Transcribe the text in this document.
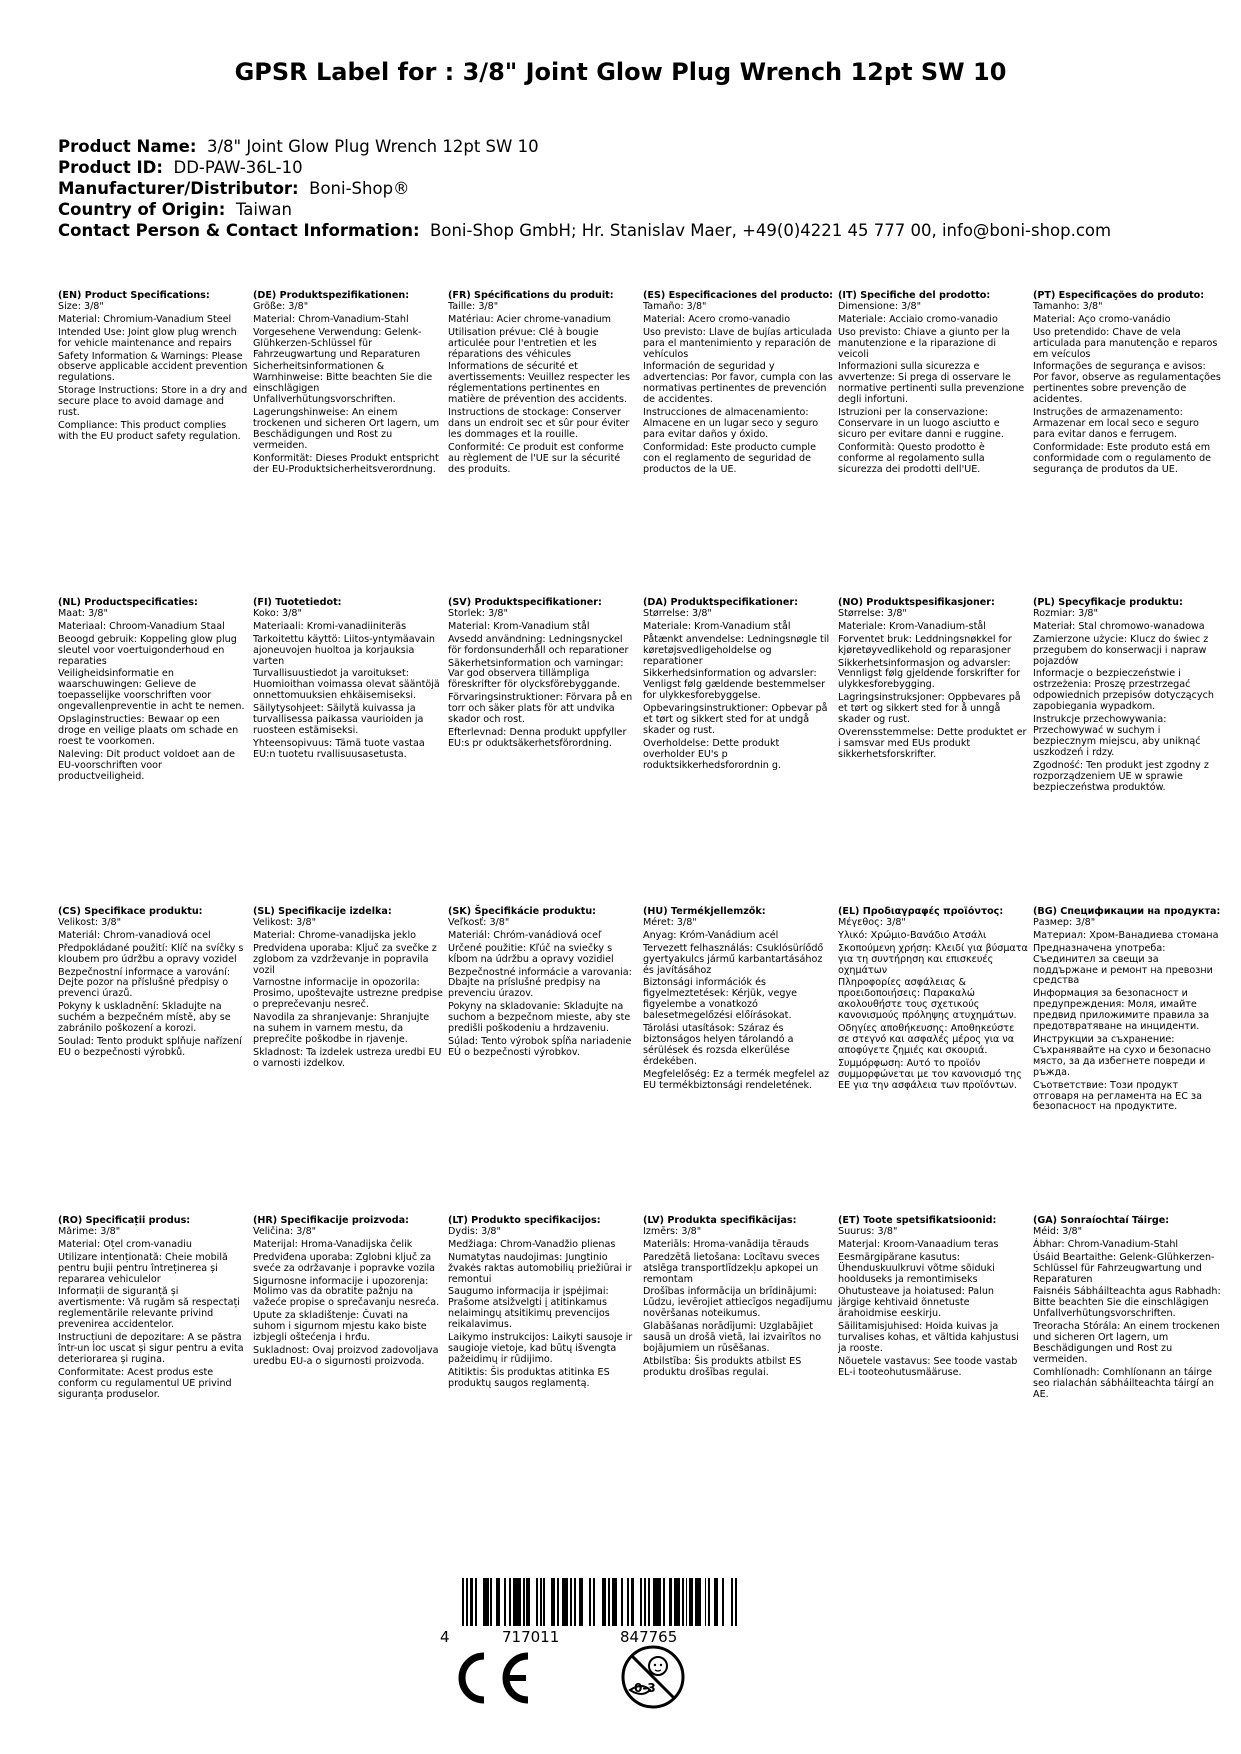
GPSR Label for : 3/8" Joint Glow Plug Wrench 12pt SW 10
Product Name: 3/8" Joint Glow Plug Wrench 12pt SW 10
Product ID: DD-PAW-36L-10
Manufacturer/Distributor: Boni-Shop®
Country of Origin: Taiwan
Contact Person & Contact Information: Boni-Shop GmbH; Hr. Stanislav Maer, +49(0)4221 45 777 00, info@boni-shop.com
(EN) Product Specifications:
Size: 3/8"
Material: Chromium-Vanadium Steel
Intended Use: Joint glow plug wrench for vehicle maintenance and repairs
Safety Information & Warnings: Please observe applicable accident prevention regulations.
Storage Instructions: Store in a dry and secure place to avoid damage and rust.
Compliance: This product complies with the EU product safety regulation.
(DE) Produktspezifikationen:
Größe: 3/8"
Material: Chrom-Vanadium-Stahl
Vorgesehene Verwendung: Gelenk-Glühkerzen-Schlüssel für Fahrzeugwartung und Reparaturen
Sicherheitsinformationen & Warnhinweise: Bitte beachten Sie die einschlägigen Unfallverhütungsvorschriften.
Lagerungshinweise: An einem trockenen und sicheren Ort lagern, um Beschädigungen und Rost zu vermeiden.
Konformität: Dieses Produkt entspricht der EU-Produktsicherheitsverordnung.
(FR) Spécifications du produit:
Taille: 3/8"
Matériau: Acier chrome-vanadium
Utilisation prévue: Clé à bougie articulée pour l'entretien et les réparations des véhicules
Informations de sécurité et avertissements: Veuillez respecter les réglementations pertinentes en matière de prévention des accidents.
Instructions de stockage: Conserver dans un endroit sec et sûr pour éviter les dommages et la rouille.
Conformité: Ce produit est conforme au règlement de l'UE sur la sécurité des produits.
(ES) Especificaciones del producto:
Tamaño: 3/8"
Material: Acero cromo-vanadio
Uso previsto: Llave de bujías articulada para el mantenimiento y reparación de vehículos
Información de seguridad y advertencias: Por favor, cumpla con las normativas pertinentes de prevención de accidentes.
Instrucciones de almacenamiento: Almacene en un lugar seco y seguro para evitar daños y óxido.
Conformidad: Este producto cumple con el reglamento de seguridad de productos de la UE.
(IT) Specifiche del prodotto:
Dimensione: 3/8"
Materiale: Acciaio cromo-vanadio
Uso previsto: Chiave a giunto per la manutenzione e la riparazione di veicoli
Informazioni sulla sicurezza e avvertenze: Si prega di osservare le normative pertinenti sulla prevenzione degli infortuni.
Istruzioni per la conservazione: Conservare in un luogo asciutto e sicuro per evitare danni e ruggine.
Conformità: Questo prodotto è conforme al regolamento sulla sicurezza dei prodotti dell'UE.
(PT) Especificações do produto:
Tamanho: 3/8"
Material: Aço cromo-vanádio
Uso pretendido: Chave de vela articulada para manutenção e reparos em veículos
Informações de segurança e avisos: Por favor, observe as regulamentações pertinentes sobre prevenção de acidentes.
Instruções de armazenamento: Armazenar em local seco e seguro para evitar danos e ferrugem.
Conformidade: Este produto está em conformidade com o regulamento de segurança de produtos da UE.
(NL) Productspecificaties:
Maat: 3/8"
Materiaal: Chroom-Vanadium Staal
Beoogd gebruik: Koppeling glow plug sleutel voor voertuigonderhoud en reparaties
Veiligheidsinformatie en waarschuwingen: Gelieve de toepasselijke voorschriften voor ongevallenpreventie in acht te nemen.
Opslaginstructies: Bewaar op een droge en veilige plaats om schade en roest te voorkomen.
Naleving: Dit product voldoet aan de EU-voorschriften voor productveiligheid.
(FI) Tuotetiedot:
Koko: 3/8"
Materiaali: Kromi-vanadiiniteräs
Tarkoitettu käyttö: Liitos-yntymäavain ajoneuvojen huoltoa ja korjauksia varten
Turvallisuustiedot ja varoitukset: Huomioithan voimassa olevat sääntöjä onnettomuuksien ehkäisemiseksi.
Säilytysohjeet: Säilytä kuivassa ja turvallisessa paikassa vaurioiden ja ruosteen estämiseksi.
Yhteensopivuus: Tämä tuote vastaa EU:n tuotetu rvallisuusasetusta.
(SV) Produktspecifikationer:
Storlek: 3/8"
Material: Krom-Vanadium stål
Avsedd användning: Ledningsnyckel för fordonsunderhåll och reparationer
Säkerhetsinformation och varningar: Var god observera tillämpliga föreskrifter för olycksförebyggande.
Förvaringsinstruktioner: Förvara på en torr och säker plats för att undvika skador och rost.
Efterlevnad: Denna produkt uppfyller EU:s pr oduktsäkerhetsförordning.
(DA) Produktspecifikationer:
Størrelse: 3/8"
Materiale: Krom-Vanadium stål
Påtænkt anvendelse: Ledningsnøgle til køretøjsvedligeholdelse og reparationer
Sikkerhedsinformation og advarsler: Venligst følg gældende bestemmelser for ulykkesforebyggelse.
Opbevaringsinstruktioner: Opbevar på et tørt og sikkert sted for at undgå skader og rust.
Overholdelse: Dette produkt overholder EU's p roduktsikkerhedsforordnin g.
(NO) Produktspesifikasjoner:
Størrelse: 3/8"
Materiale: Krom-Vanadium-stål
Forventet bruk: Leddningsnøkkel for kjøretøyvedlikehold og reparasjoner
Sikkerhetsinformasjon og advarsler: Vennligst følg gjeldende forskrifter for ulykkesforebygging.
Lagringsinstruksjoner: Oppbevares på et tørt og sikkert sted for å unngå skader og rust.
Overensstemmelse: Dette produktet er i samsvar med EUs produkt sikkerhetsforskrifter.
(PL) Specyfikacje produktu:
Rozmiar: 3/8"
Materiał: Stal chromowo-wanadowa
Zamierzone użycie: Klucz do świec z przegubem do konserwacji i napraw pojazdów
Informacje o bezpieczeństwie i ostrzeżenia: Proszę przestrzegać odpowiednich przepisów dotyczących zapobiegania wypadkom.
Instrukcje przechowywania: Przechowywać w suchym i bezpiecznym miejscu, aby uniknąć uszkodzeń i rdzy.
Zgodność: Ten produkt jest zgodny z rozporządzeniem UE w sprawie bezpieczeństwa produktów.
(CS) Specifikace produktu:
Velikost: 3/8"
Materiál: Chrom-vanadiová ocel
Předpokládané použití: Klíč na svíčky s kloubem pro údržbu a opravy vozidel
Bezpečnostní informace a varování: Dejte pozor na příslušné předpisy o prevenci úrazů.
Pokyny k uskladnění: Skladujte na suchém a bezpečném místě, aby se zabránilo poškození a korozi.
Soulad: Tento produkt splňuje nařízení EU o bezpečnosti výrobků.
(SL) Specifikacije izdelka:
Velikost: 3/8"
Material: Chrome-vanadijska jeklo
Predvidena uporaba: Ključ za svečke z zglobom za vzdrževanje in popravila vozil
Varnostne informacije in opozorila: Prosimo, upoštevajte ustrezne predpise o preprečevanju nesreč.
Navodila za shranjevanje: Shranjujte na suhem in varnem mestu, da preprečite poškodbe in rjavenje.
Skladnost: Ta izdelek ustreza uredbi EU o varnosti izdelkov.
(SK) Špecifikácie produktu:
Veľkosť: 3/8"
Materiál: Chróm-vanádiová oceľ
Určené použitie: Kľúč na sviečky s kĺbom na údržbu a opravy vozidiel
Bezpečnostné informácie a varovania: Dbajte na príslušné predpisy na prevenciu úrazov.
Pokyny na skladovanie: Skladujte na suchom a bezpečnom mieste, aby ste predišli poškodeniu a hrdzaveniu.
Súlad: Tento výrobok spĺňa nariadenie EÚ o bezpečnosti výrobkov.
(HU) Termékjellemzők:
Méret: 3/8"
Anyag: Króm-Vanádium acél
Tervezett felhasználás: Csuklósüríődő gyertyakulcs jármű karbantartásához és javításához
Biztonsági információk és figyelmeztetések: Kérjük, vegye figyelembe a vonatkozó balesetmegelőzési előírásokat.
Tárolási utasítások: Száraz és biztonságos helyen tárolandó a sérülések és rozsda elkerülése érdekében.
Megfelelőség: Ez a termék megfelel az EU termékbiztonsági rendeletének.
(EL) Προδιαγραφές προϊόντος:
Μέγεθος: 3/8"
Υλικό: Χρώμιο-Βανάδιο Ατσάλι
Σκοπούμενη χρήση: Κλειδί για βύσματα για τη συντήρηση και επισκευές οχημάτων
Πληροφορίες ασφάλειας & προειδοποιήσεις: Παρακαλώ ακολουθήστε τους σχετικούς κανονισμούς πρόληψης ατυχημάτων.
Οδηγίες αποθήκευσης: Αποθηκεύστε σε στεγνό και ασφαλές μέρος για να αποφύγετε ζημιές και σκουριά.
Συμμόρφωση: Αυτό το προϊόν συμμορφώνεται με τον κανονισμό της ΕΕ για την ασφάλεια των προϊόντων.
(BG) Спецификации на продукта:
Размер: 3/8"
Материал: Хром-Ванадиева стомана
Предназначена употреба: Съединител за свещи за поддържане и ремонт на превозни средства
Информация за безопасност и предупреждения: Моля, имайте предвид приложимите правила за предотвратяване на инциденти.
Инструкции за съхранение: Съхранявайте на сухо и безопасно място, за да избегнете повреди и ръжда.
Съответствие: Този продукт отговаря на регламента на ЕС за безопасност на продуктите.
(RO) Specificații produs:
Mărime: 3/8"
Material: Oțel crom-vanadiu
Utilizare intenționată: Cheie mobilă pentru bujii pentru întreținerea și repararea vehiculelor
Informații de siguranță și avertismente: Vă rugăm să respectați reglementările relevante privind prevenirea accidentelor.
Instrucțiuni de depozitare: A se păstra într-un loc uscat și sigur pentru a evita deteriorarea și rugina.
Conformitate: Acest produs este conform cu regulamentul UE privind siguranța produselor.
(HR) Specifikacije proizvoda:
Veličina: 3/8"
Materijal: Hroma-Vanadijska čelik
Predviđena uporaba: Zglobni ključ za svećе za održavanje i popravke vozila
Sigurnosne informacije i upozorenja: Molimo vas da obratite pažnju na važeće propise o sprečavanju nesreća.
Upute za skladištenje: Čuvati na suhom i sigurnom mjestu kako biste izbjegli oštećenja i hrđu.
Sukladnost: Ovaj proizvod zadovoljava uredbu EU-a o sigurnosti proizvoda.
(LT) Produkto specifikacijos:
Dydis: 3/8"
Medžiaga: Chrom-Vanadžio plienas
Numatytas naudojimas: Jungtinio žvakės raktas automobilių priežiūrai ir remontui
Saugumo informacija ir įspėjimai: Prašome atsižvelgti į atitinkamus nelaimingų atsitikimų prevencijos reikalavimus.
Laikymo instrukcijos: Laikyti sausoje ir saugioje vietoje, kad būtų išvengta pažeidimų ir rūdijimo.
Atitiktis: Šis produktas atitinka ES produktų saugos reglamentą.
(LV) Produkta specifikācijas:
Izmērs: 3/8"
Materiāls: Hroma-vanādija tērauds
Paredzētā lietošana: Locītavu sveces atslēga transportlīdzekļu apkopei un remontam
Drošības informācija un brīdinājumi: Lūdzu, ievērojiet attiecīgos negadījumu novēršanas noteikumus.
Glabāšanas norādījumi: Uzglabājiet sausā un drošā vietā, lai izvairītos no bojājumiem un rūsēšanas.
Atbilstība: Šis produkts atbilst ES produktu drošības regulai.
(ET) Toote spetsifikatsioonid:
Suurus: 3/8"
Materjal: Kroom-Vanaadium teras
Eesmärgipärane kasutus: Ühenduskuulkruvi võtme sõiduki hoolduseks ja remontimiseks
Ohutusteave ja hoiatused: Palun järgige kehtivaid õnnetuste ärahoidmise eeskirju.
Säilitamisjuhised: Hoida kuivas ja turvalises kohas, et vältida kahjustusi ja rooste.
Nõuetele vastavus: See toode vastab EL-i tooteohutusmääruse.
(GA) Sonraíochtaí Táirge:
Méid: 3/8"
Ábhar: Chrom-Vanadium-Stahl
Úsáid Beartaithe: Gelenk-Glühkerzen-Schlüssel für Fahrzeugwartung und Reparaturen
Faisnéis Sábháilteachta agus Rabhadh: Bitte beachten Sie die einschlägigen Unfallverhütungsvorschriften.
Treoracha Stórála: An einem trockenen und sicheren Ort lagern, um Beschädigungen und Rost zu vermeiden.
Comhlíonadh: Comhlíonann an táirge seo rialachán sábháilteachta táirgí an AE.
4	717011	847765
0-3
